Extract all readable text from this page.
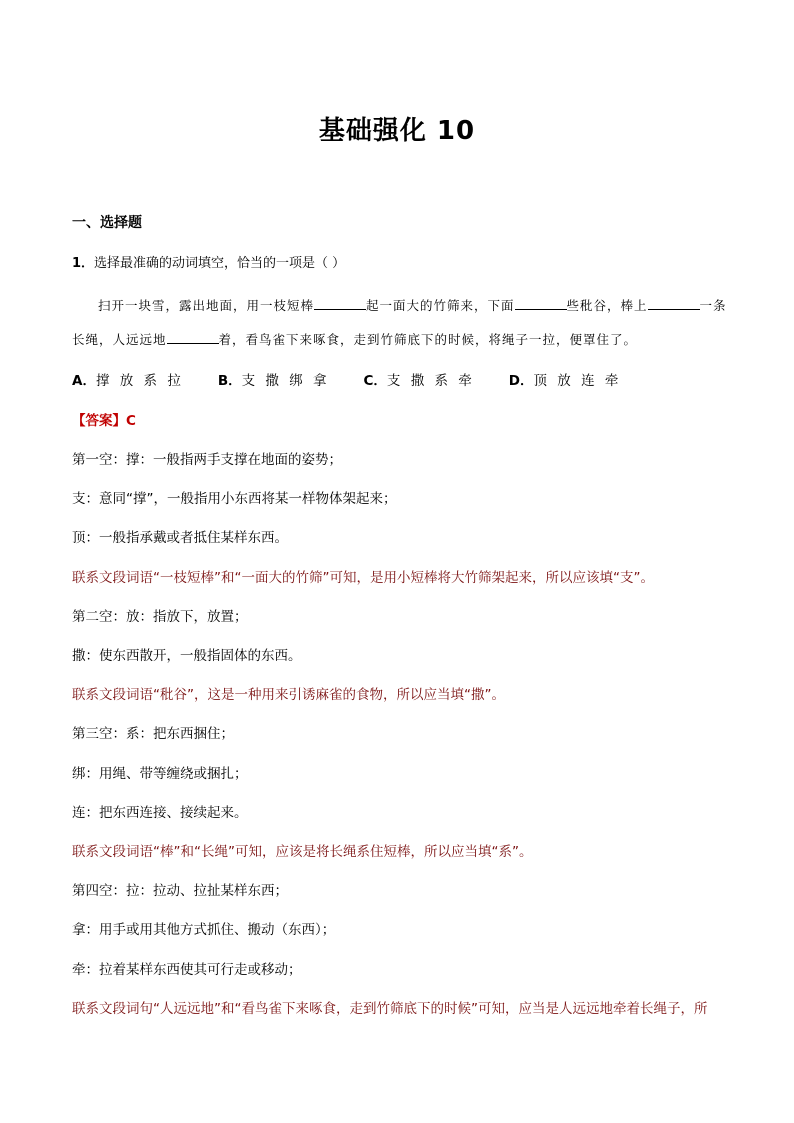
基础强化 10
一、选择题
1．选择最准确的动词填空，恰当的一项是（ ）
扫开一块雪，露出地面，用一枝短棒	起一面大的竹筛来，下面	些秕谷，棒上	一条
长绳，人远远地	着，看鸟雀下来啄食，走到竹筛底下的时候，将绳子一拉，便罩住了。
A．撑 放 系 拉	B．支 撒 绑 拿	C．支 撒 系 牵	D．顶 放 连 牵
【答案】C
第一空：撑：一般指两手支撑在地面的姿势；
支：意同“撑”，一般指用小东西将某一样物体架起来；
顶：一般指承戴或者抵住某样东西。
联系文段词语“一枝短棒”和“一面大的竹筛”可知，是用小短棒将大竹筛架起来，所以应该填“支”。
第二空：放：指放下，放置；
撒：使东西散开，一般指固体的东西。
联系文段词语“秕谷”，这是一种用来引诱麻雀的食物，所以应当填“撒”。
第三空：系：把东西捆住；
绑：用绳、带等缠绕或捆扎；
连：把东西连接、接续起来。
联系文段词语“棒”和“长绳”可知，应该是将长绳系住短棒，所以应当填“系”。
第四空：拉：拉动、拉扯某样东西；
拿：用手或用其他方式抓住、搬动（东西）；
牵：拉着某样东西使其可行走或移动；
联系文段词句“人远远地”和“看鸟雀下来啄食，走到竹筛底下的时候”可知，应当是人远远地牵着长绳子，所
